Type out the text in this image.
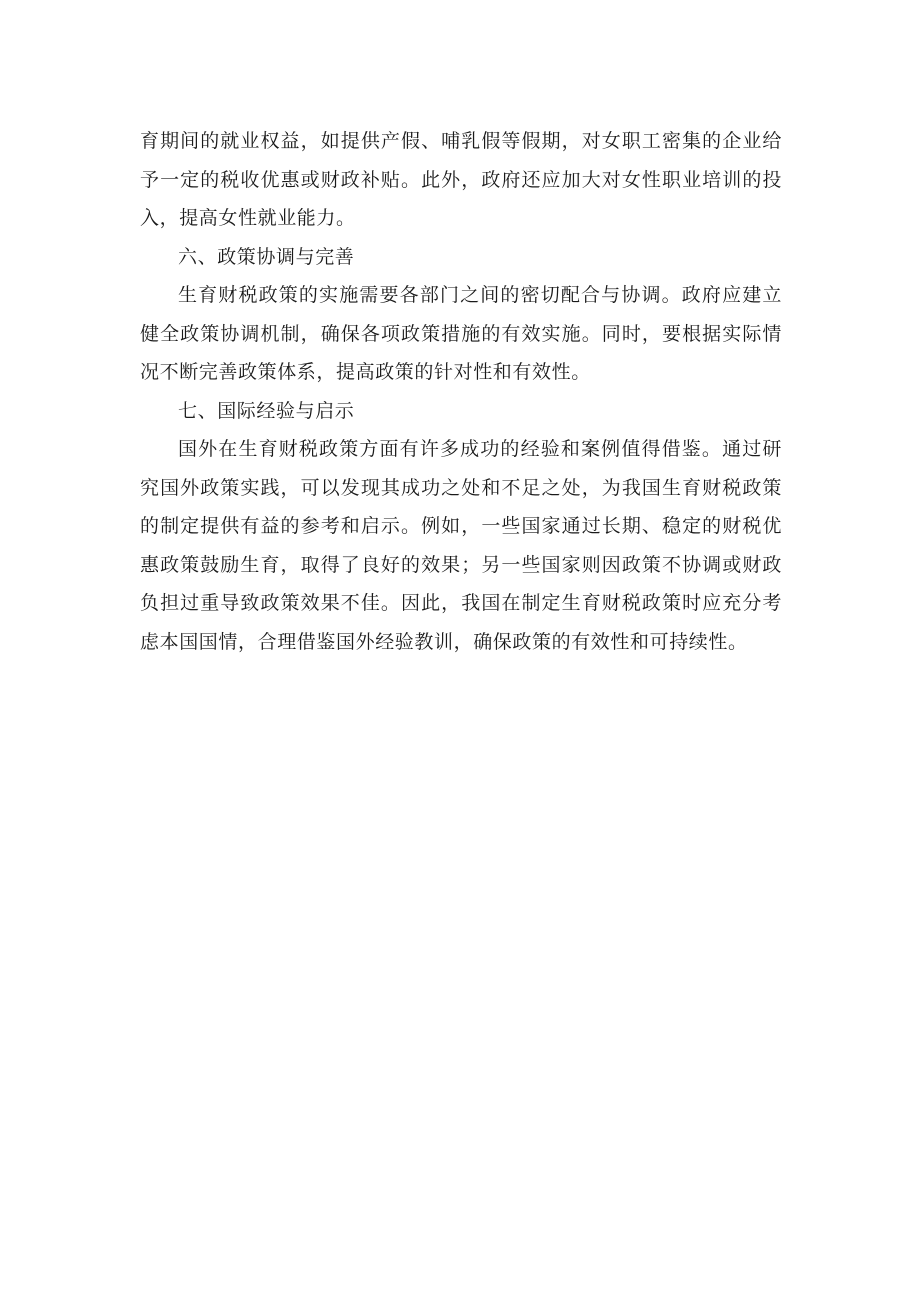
育期间的就业权益，如提供产假、哺乳假等假期，对女职工密集的企业给予一定的税收优惠或财政补贴。此外，政府还应加大对女性职业培训的投入，提高女性就业能力。

六、政策协调与完善

生育财税政策的实施需要各部门之间的密切配合与协调。政府应建立健全政策协调机制，确保各项政策措施的有效实施。同时，要根据实际情况不断完善政策体系，提高政策的针对性和有效性。

七、国际经验与启示

国外在生育财税政策方面有许多成功的经验和案例值得借鉴。通过研究国外政策实践，可以发现其成功之处和不足之处，为我国生育财税政策的制定提供有益的参考和启示。例如，一些国家通过长期、稳定的财税优惠政策鼓励生育，取得了良好的效果；另一些国家则因政策不协调或财政负担过重导致政策效果不佳。因此，我国在制定生育财税政策时应充分考虑本国国情，合理借鉴国外经验教训，确保政策的有效性和可持续性。
